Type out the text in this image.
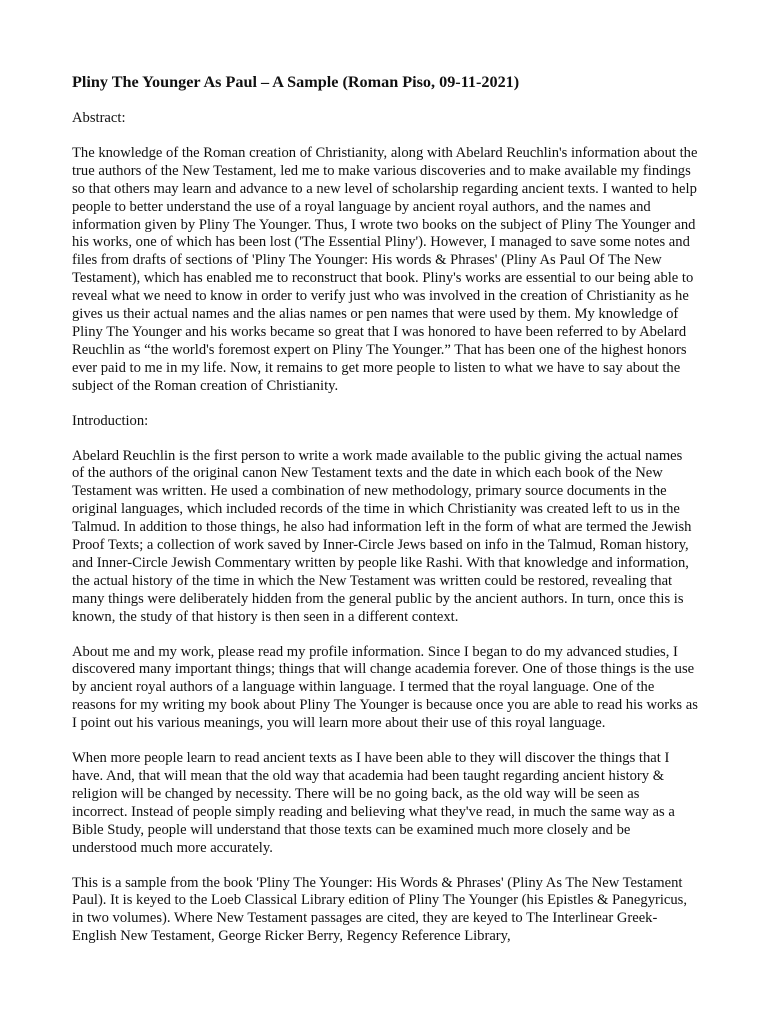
Pliny The Younger As Paul – A Sample (Roman Piso, 09-11-2021)
Abstract:
The knowledge of the Roman creation of Christianity, along with Abelard Reuchlin's information about the true authors of the New Testament, led me to make various discoveries and to make available my findings so that others may learn and advance to a new level of scholarship regarding ancient texts. I wanted to help people to better understand the use of a royal language by ancient royal authors, and the names and information given by Pliny The Younger. Thus, I wrote two books on the subject of Pliny The Younger and his works, one of which has been lost ('The Essential Pliny'). However, I managed to save some notes and files from drafts of sections of 'Pliny The Younger: His words & Phrases' (Pliny As Paul Of The New Testament), which has enabled me to reconstruct that book. Pliny's works are essential to our being able to reveal what we need to know in order to verify just who was involved in the creation of Christianity as he gives us their actual names and the alias names or pen names that were used by them. My knowledge of Pliny The Younger and his works became so great that I was honored to have been referred to by Abelard Reuchlin as “the world's foremost expert on Pliny The Younger.” That has been one of the highest honors ever paid to me in my life. Now, it remains to get more people to listen to what we have to say about the subject of the Roman creation of Christianity.
Introduction:
Abelard Reuchlin is the first person to write a work made available to the public giving the actual names of the authors of the original canon New Testament texts and the date in which each book of the New Testament was written. He used a combination of new methodology, primary source documents in the original languages, which included records of the time in which Christianity was created left to us in the Talmud. In addition to those things, he also had information left in the form of what are termed the Jewish Proof Texts; a collection of work saved by Inner-Circle Jews based on info in the Talmud, Roman history, and Inner-Circle Jewish Commentary written by people like Rashi. With that knowledge and information, the actual history of the time in which the New Testament was written could be restored, revealing that many things were deliberately hidden from the general public by the ancient authors. In turn, once this is known, the study of that history is then seen in a different context.
About me and my work, please read my profile information. Since I began to do my advanced studies, I discovered many important things; things that will change academia forever. One of those things is the use by ancient royal authors of a language within language. I termed that the royal language. One of the reasons for my writing my book about Pliny The Younger is because once you are able to read his works as I point out his various meanings, you will learn more about their use of this royal language.
When more people learn to read ancient texts as I have been able to they will discover the things that I have. And, that will mean that the old way that academia had been taught regarding ancient history & religion will be changed by necessity. There will be no going back, as the old way will be seen as incorrect. Instead of people simply reading and believing what they've read, in much the same way as a Bible Study, people will understand that those texts can be examined much more closely and be understood much more accurately.
This is a sample from the book 'Pliny The Younger: His Words & Phrases' (Pliny As The New Testament Paul). It is keyed to the Loeb Classical Library edition of Pliny The Younger (his Epistles & Panegyricus, in two volumes). Where New Testament passages are cited, they are keyed to The Interlinear Greek-English New Testament, George Ricker Berry, Regency Reference Library,
